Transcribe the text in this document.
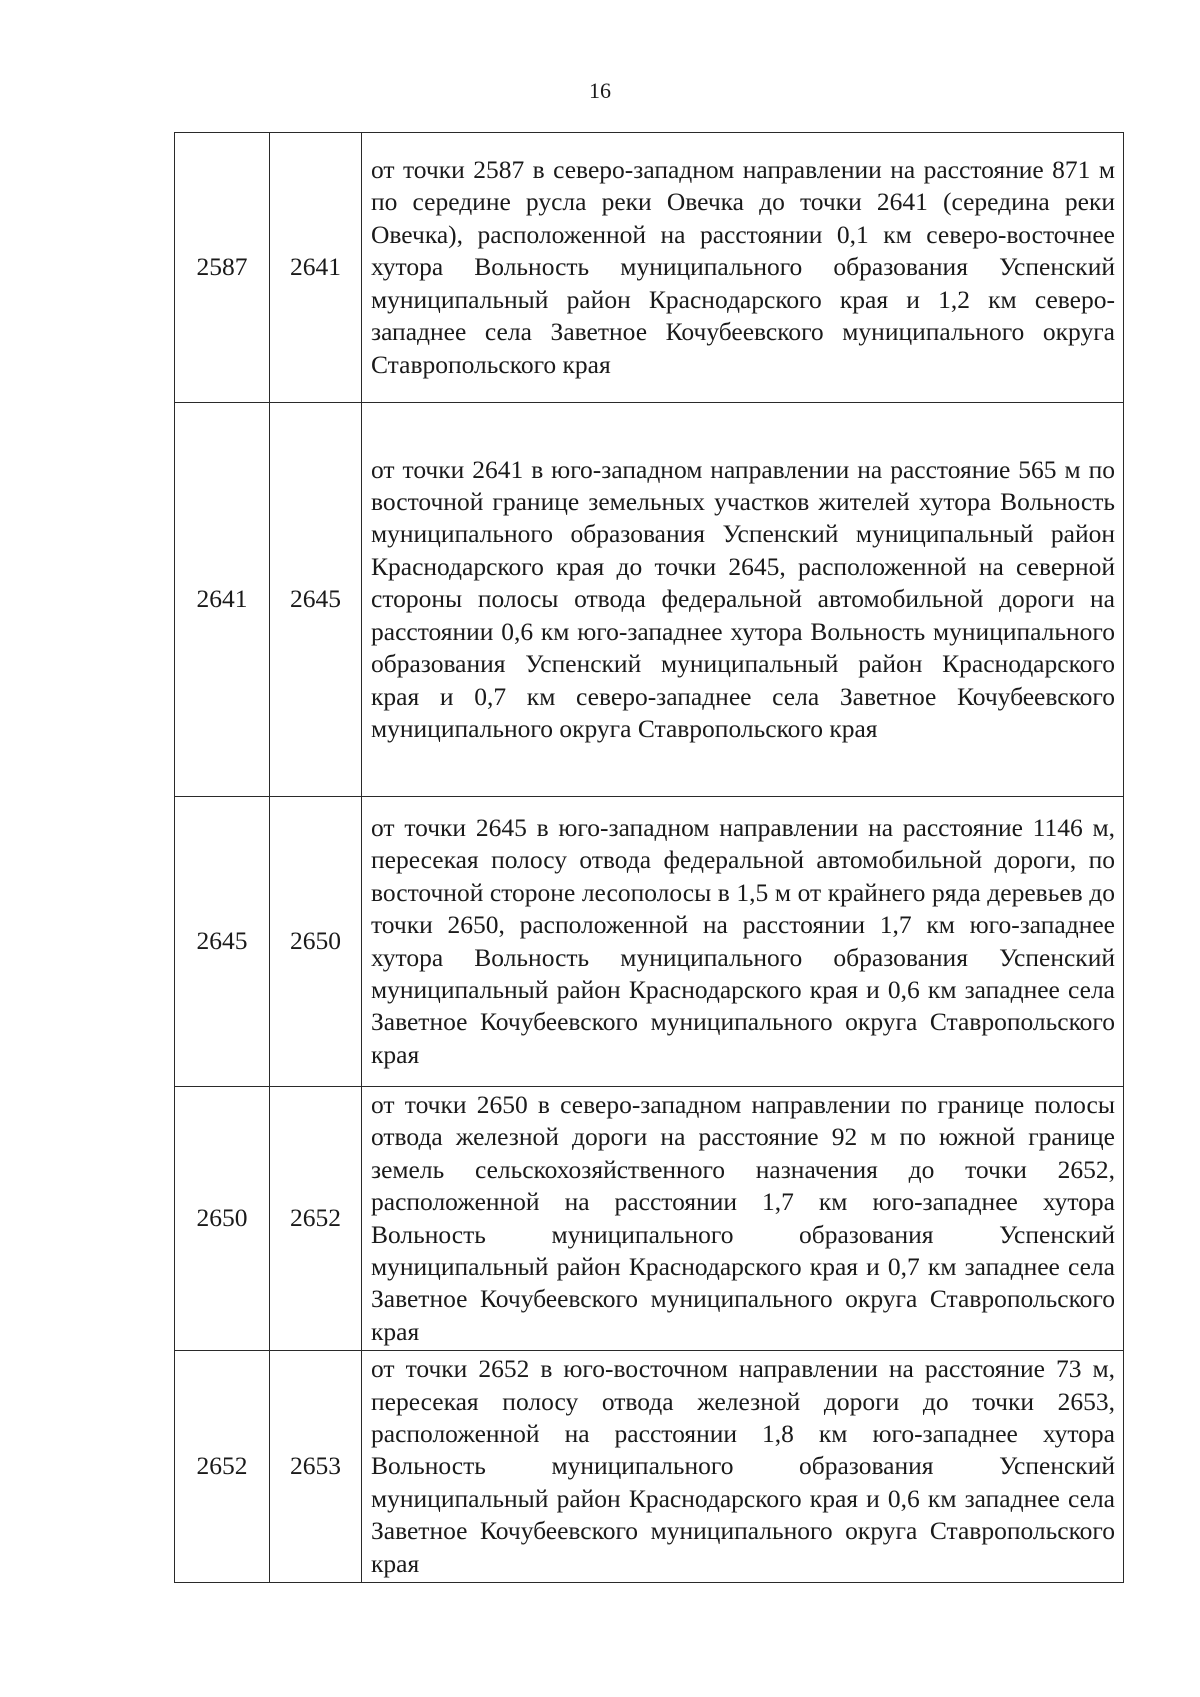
16
2587	2641	от точки 2587 в северо-западном направлении на расстояние 871 м по середине русла реки Овечка до точки 2641 (середина реки Овечка), расположенной на расстоянии 0,1 км северо-восточнее хутора Вольность муниципального образования Успенский муниципальный район Краснодарского края и 1,2 км северо-западнее села Заветное Кочубеевского муниципального округа Ставропольского края
2641	2645	от точки 2641 в юго-западном направлении на расстояние 565 м по восточной границе земельных участков жителей хутора Вольность муниципального образования Успенский муниципальный район Краснодарского края до точки 2645, расположенной на северной стороны полосы отвода федеральной автомобильной дороги на расстоянии 0,6 км юго-западнее хутора Вольность муниципального образования Успенский муниципальный район Краснодарского края и 0,7 км северо-западнее села Заветное Кочубеевского муниципального округа Ставропольского края
2645	2650	от точки 2645 в юго-западном направлении на расстояние 1146 м, пересекая полосу отвода федеральной автомобильной дороги, по восточной стороне лесополосы в 1,5 м от крайнего ряда деревьев до точки 2650, расположенной на расстоянии 1,7 км юго-западнее хутора Вольность муниципального образования Успенский муниципальный район Краснодарского края и 0,6 км западнее села Заветное Кочубеевского муниципального округа Ставропольского края
2650	2652	от точки 2650 в северо-западном направлении по границе полосы отвода железной дороги на расстояние 92 м по южной границе земель сельскохозяйственного назначения до точки 2652, расположенной на расстоянии 1,7 км юго-западнее хутора Вольность муниципального образования Успенский муниципальный район Краснодарского края и 0,7 км западнее села Заветное Кочубеевского муниципального округа Ставропольского края
2652	2653	от точки 2652 в юго-восточном направлении на расстояние 73 м, пересекая полосу отвода железной дороги до точки 2653, расположенной на расстоянии 1,8 км юго-западнее хутора Вольность муниципального образования Успенский муниципальный район Краснодарского края и 0,6 км западнее села Заветное Кочубеевского муниципального округа Ставропольского края
